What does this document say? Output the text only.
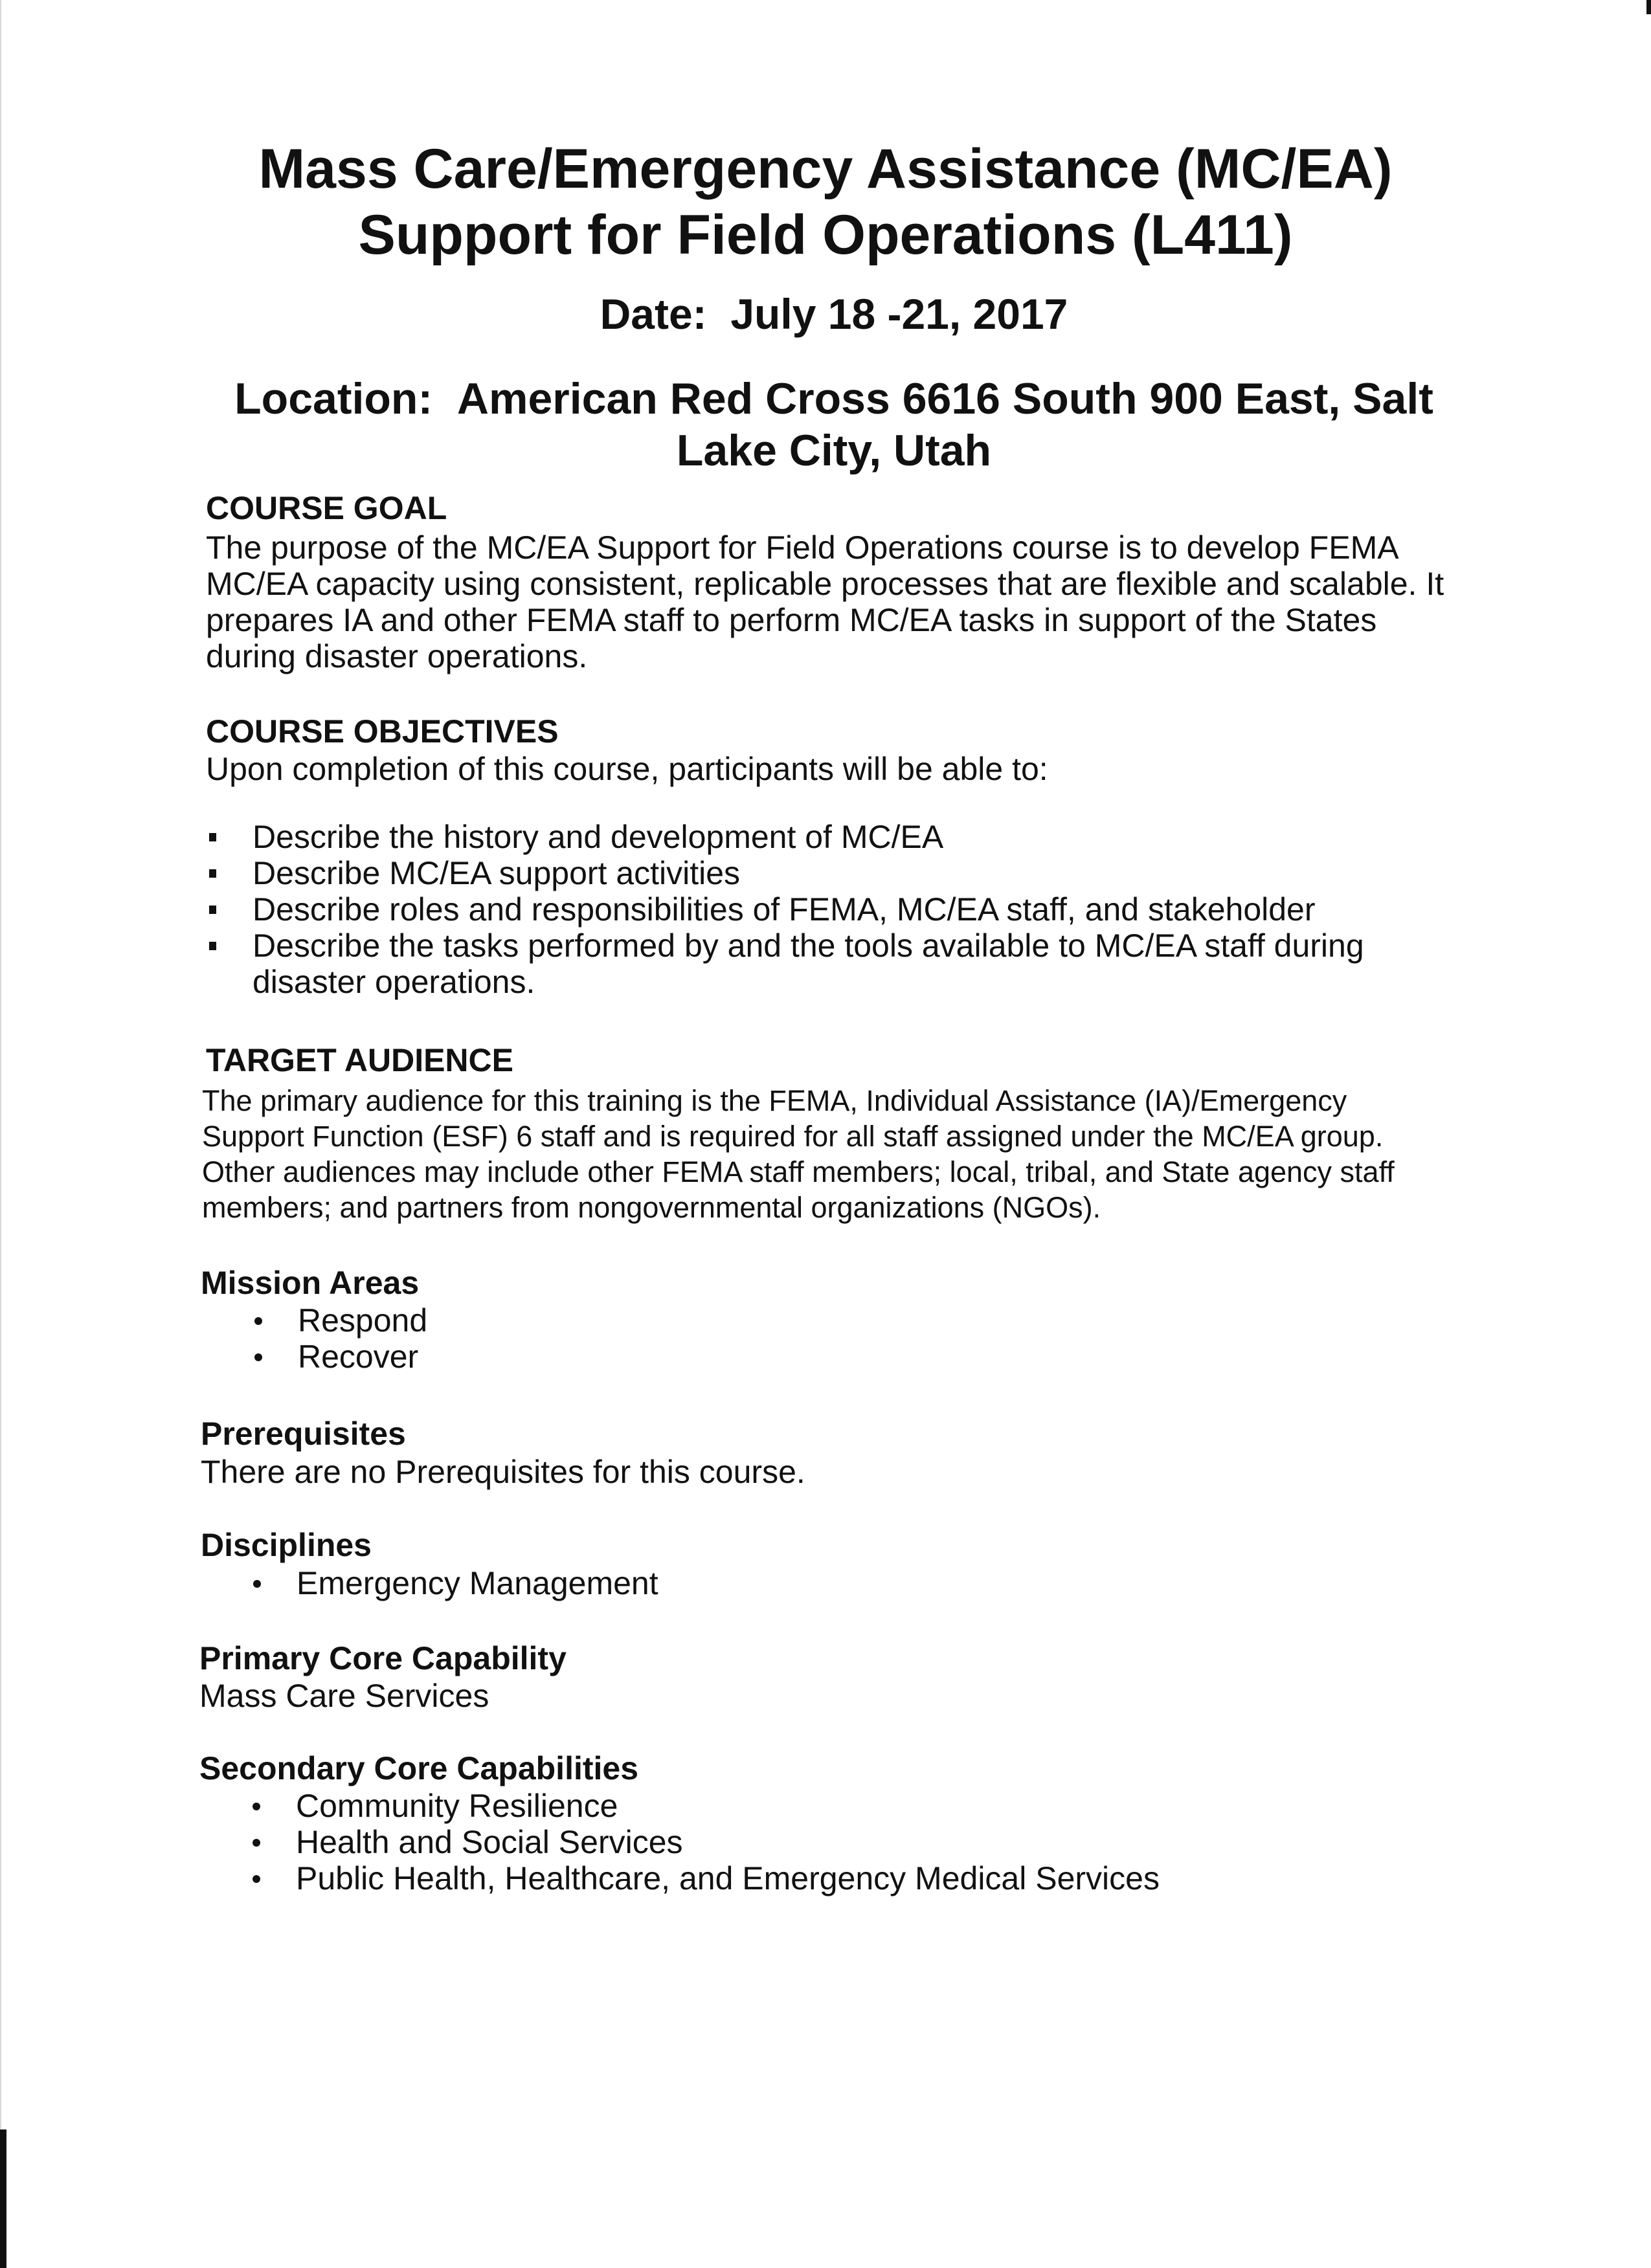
Mass Care/Emergency Assistance (MC/EA)
Support for Field Operations (L411)
Date: July 18 -21, 2017
Location: American Red Cross 6616 South 900 East, Salt
Lake City, Utah
COURSE GOAL

The purpose of the MC/EA Support for Field Operations course is to develop FEMA
MC/EA capacity using consistent, replicable processes that are flexible and scalable. It
prepares IA and other FEMA staff to perform MC/EA tasks in support of the States
during disaster operations.

COURSE OBJECTIVES

Upon completion of this course, participants will be able to:

Describe the history and development of MC/EA
Describe MC/EA support activities
Describe roles and responsibilities of FEMA, MC/EA staff, and stakeholder
Describe the tasks performed by and the tools available to MC/EA staff during
disaster operations.
TARGET AUDIENCE

The primary audience for this training is the FEMA, Individual Assistance (IA)/Emergency
Support Function (ESF) 6 staff and is required for all staff assigned under the MC/EA group.
Other audiences may include other FEMA staff members; local, tribal, and State agency staff
members; and partners from nongovernmental organizations (NGOs).

Mission Areas
Respond
Recover
Prerequisites

There are no Prerequisites for this course.

Disciplines
Emergency Management
Primary Core Capability

Mass Care Services

Secondary Core Capabilities
Community Resilience
Health and Social Services
Public Health, Healthcare, and Emergency Medical Services
